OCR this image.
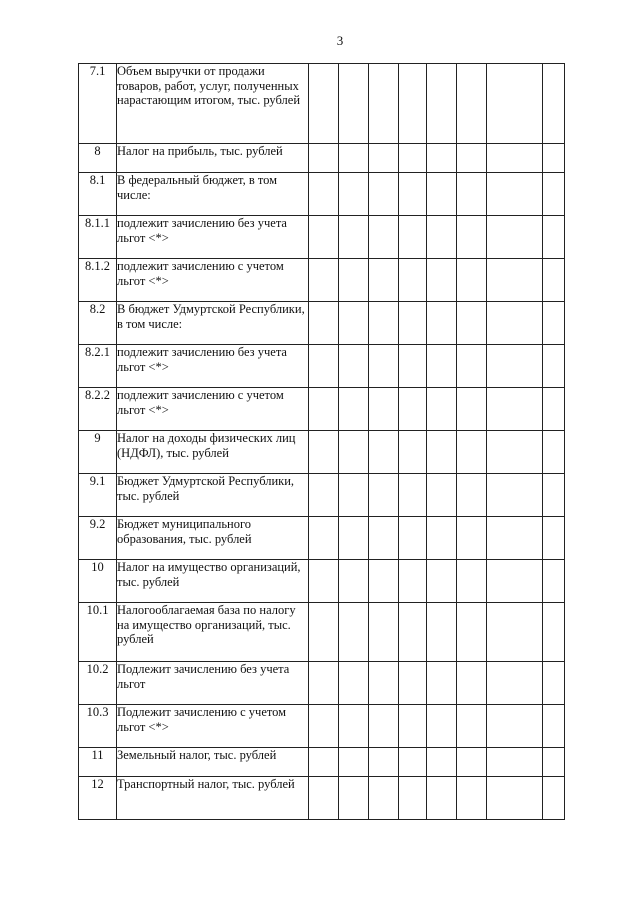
3
7.1	Объем выручки от продажи товаров, работ, услуг, полученных нарастающим итогом, тыс. рублей								
8	Налог на прибыль, тыс. рублей								
8.1	В федеральный бюджет, в том числе:								
8.1.1	подлежит зачислению без учета льгот <*>								
8.1.2	подлежит зачислению с учетом льгот <*>								
8.2	В бюджет Удмуртской Республики, в том числе:								
8.2.1	подлежит зачислению без учета льгот <*>								
8.2.2	подлежит зачислению с учетом льгот <*>								
9	Налог на доходы физических лиц (НДФЛ), тыс. рублей								
9.1	Бюджет Удмуртской Республики, тыс. рублей								
9.2	Бюджет муниципального образования, тыс. рублей								
10	Налог на имущество организаций, тыс. рублей								
10.1	Налогооблагаемая база по налогу на имущество организаций, тыс. рублей								
10.2	Подлежит зачислению без учета льгот								
10.3	Подлежит зачислению с учетом льгот <*>								
11	Земельный налог, тыс. рублей								
12	Транспортный налог, тыс. рублей								
